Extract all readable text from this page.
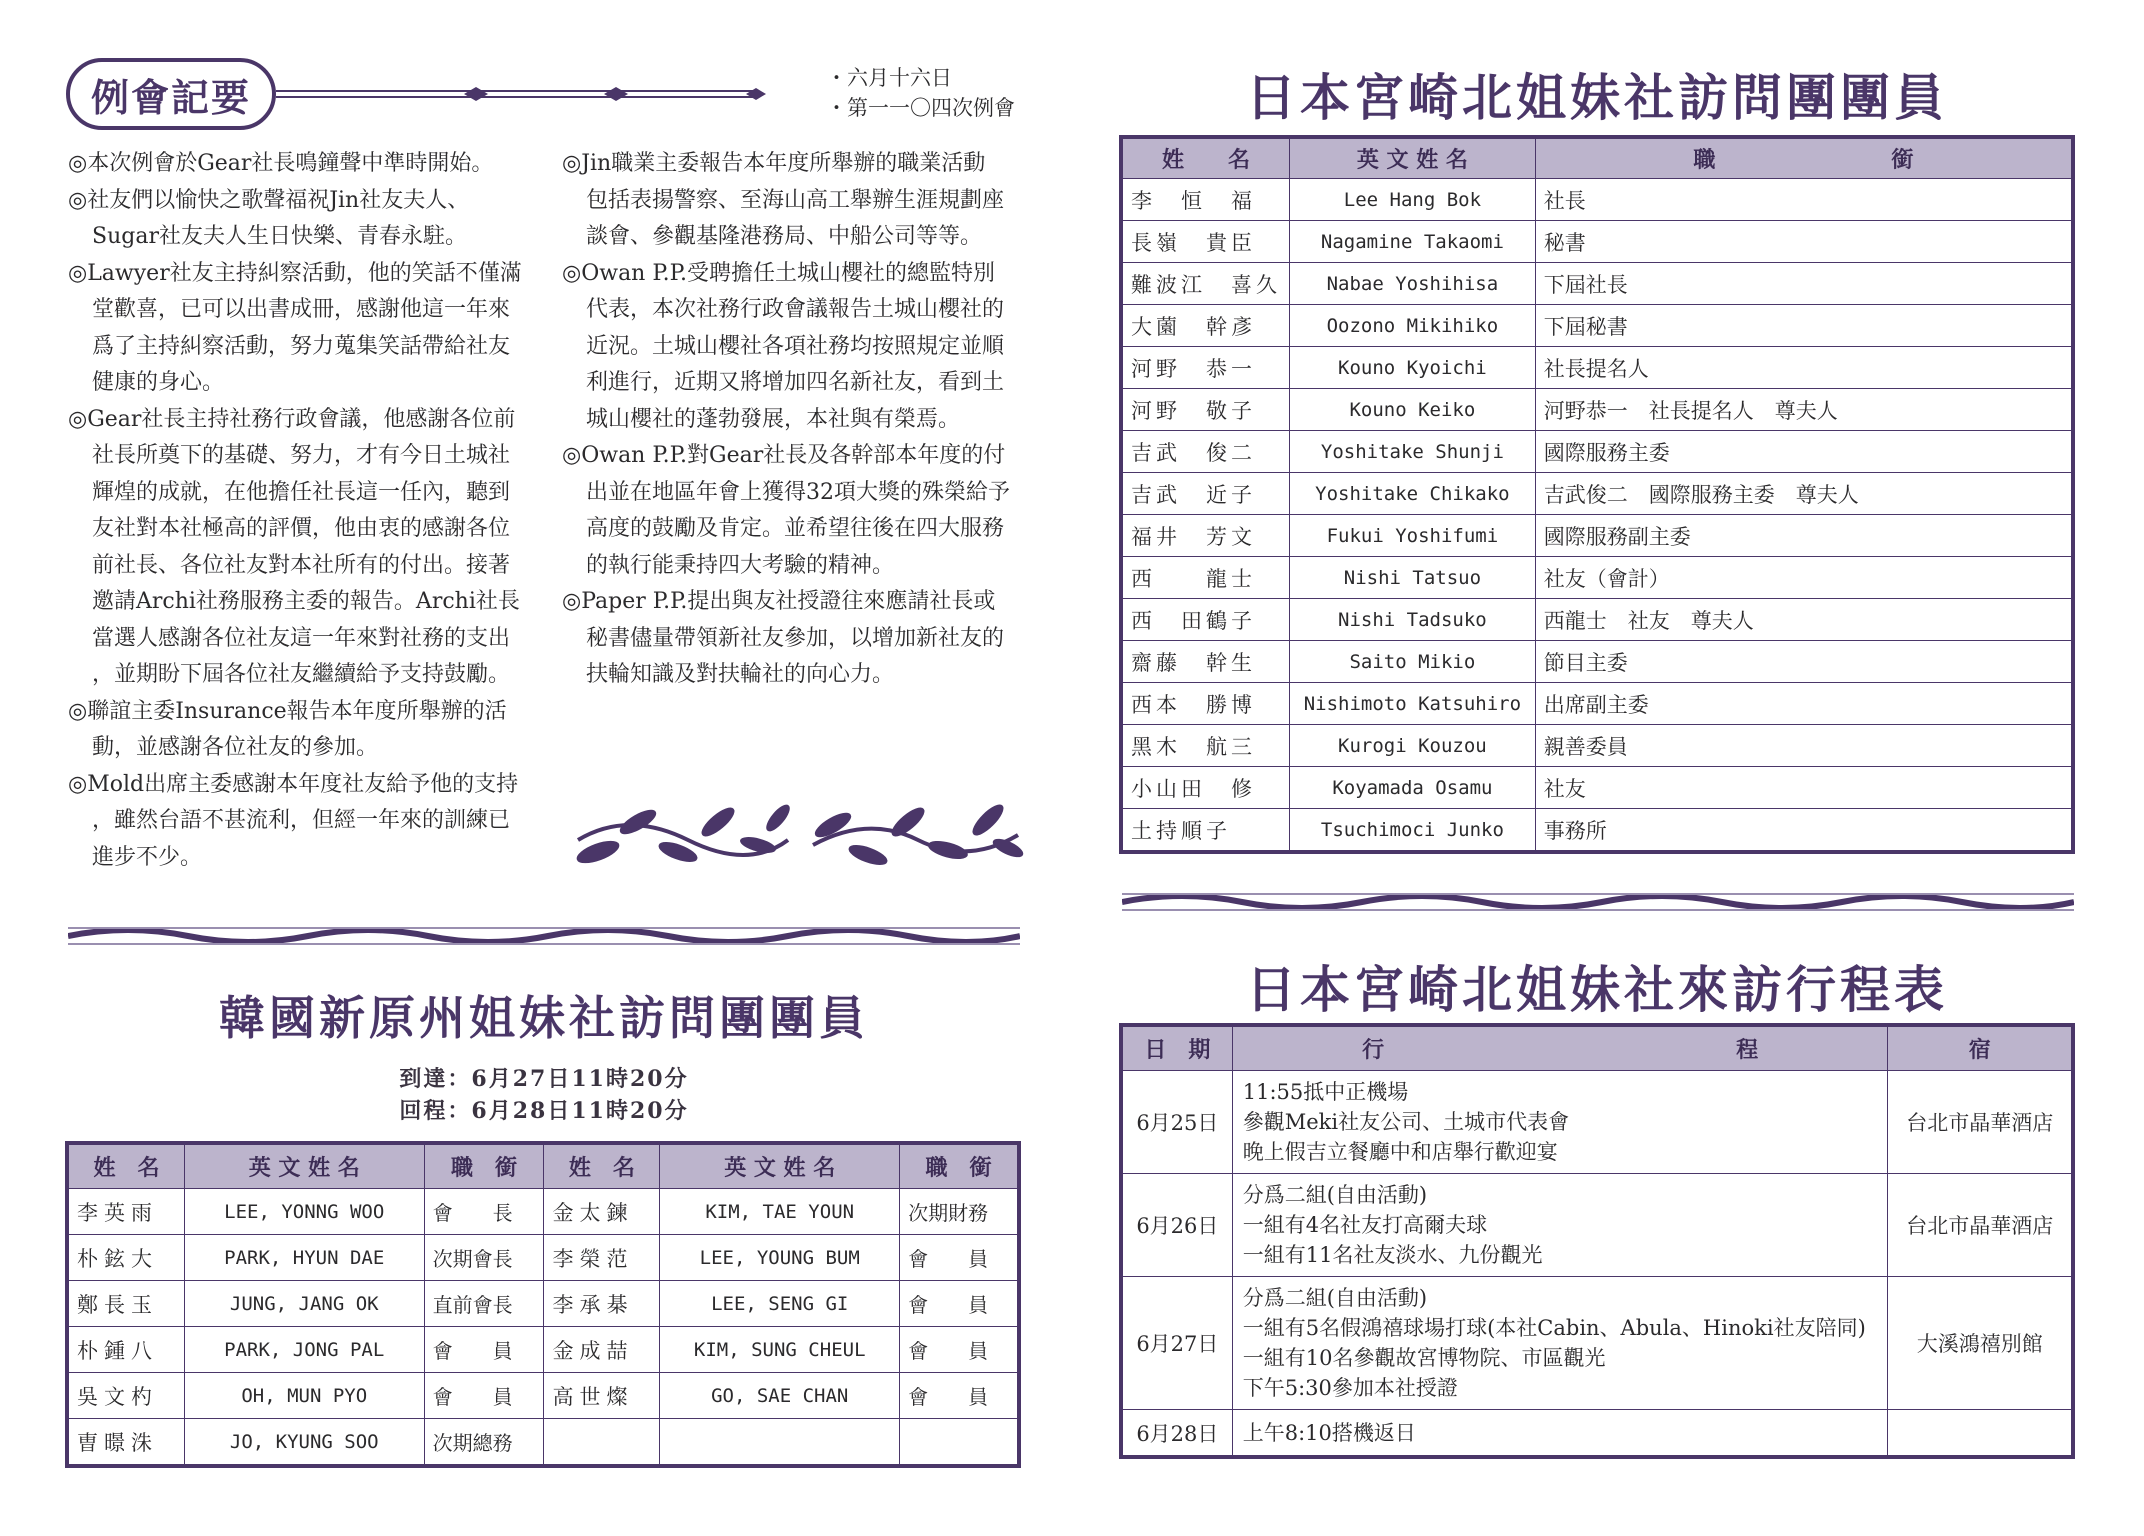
例會記要	・六月十六日
・第一一〇四次例會
◎本次例會於Gear社長鳴鐘聲中準時開始。
◎社友們以愉快之歌聲福祝Jin社友夫人、
Sugar社友夫人生日快樂、青春永駐。
◎Lawyer社友主持糾察活動，他的笑話不僅滿
堂歡喜，已可以出書成冊，感謝他這一年來
爲了主持糾察活動，努力蒐集笑話帶給社友
健康的身心。
◎Gear社長主持社務行政會議，他感謝各位前
社長所奠下的基礎、努力，才有今日土城社
輝煌的成就，在他擔任社長這一任內，聽到
友社對本社極高的評價，他由衷的感謝各位
前社長、各位社友對本社所有的付出。接著
邀請Archi社務服務主委的報告。Archi社長
當選人感謝各位社友這一年來對社務的支出
，並期盼下屆各位社友繼續給予支持鼓勵。
◎聯誼主委Insurance報告本年度所舉辦的活
動，並感謝各位社友的參加。
◎Mold出席主委感謝本年度社友給予他的支持
，雖然台語不甚流利，但經一年來的訓練已
進步不少。
◎Jin職業主委報告本年度所舉辦的職業活動
包括表揚警察、至海山高工舉辦生涯規劃座
談會、參觀基隆港務局、中船公司等等。
◎Owan P.P.受聘擔任土城山櫻社的總監特別
代表，本次社務行政會議報告土城山櫻社的
近況。土城山櫻社各項社務均按照規定並順
利進行，近期又將增加四名新社友，看到土
城山櫻社的蓬勃發展，本社與有榮焉。
◎Owan P.P.對Gear社長及各幹部本年度的付
出並在地區年會上獲得32項大獎的殊榮給予
高度的鼓勵及肯定。並希望往後在四大服務
的執行能秉持四大考驗的精神。
◎Paper P.P.提出與友社授證往來應請社長或
秘書儘量帶領新社友參加，以增加新社友的
扶輪知識及對扶輪社的向心力。
韓國新原州姐妹社訪問團團員
到達：6月27日11時20分
回程：6月28日11時20分
姓　名	英 文 姓 名	職　銜	姓　名	英 文 姓 名	職　銜
李英雨	LEE, YONNG WOO	會　　長	金太鍊	KIM, TAE YOUN	次期財務
朴鉉大	PARK, HYUN DAE	次期會長	李榮范	LEE, YOUNG BUM	會　　員
鄭長玉	JUNG, JANG OK	直前會長	李承棊	LEE, SENG GI	會　　員
朴鍾八	PARK, JONG PAL	會　　員	金成喆	KIM, SUNG CHEUL	會　　員
吳文杓	OH, MUN PYO	會　　員	高世燦	GO, SAE CHAN	會　　員
曺暻洙	JO, KYUNG SOO	次期總務			
日本宮崎北姐妹社訪問團團員
姓　　名	英 文 姓 名	職　　　　　　　　銜
李　恒　福	Lee Hang Bok	社長
長嶺　貴臣	Nagamine Takaomi	秘書
難波江　喜久	Nabae Yoshihisa	下屆社長
大薗　幹彥	Oozono Mikihiko	下屆秘書
河野　恭一	Kouno Kyoichi	社長提名人
河野　敬子	Kouno Keiko	河野恭一　社長提名人　尊夫人
吉武　俊二	Yoshitake Shunji	國際服務主委
吉武　近子	Yoshitake Chikako	吉武俊二　國際服務主委　尊夫人
福井　芳文	Fukui Yoshifumi	國際服務副主委
西　　龍士	Nishi Tatsuo	社友（會計）
西　田鶴子	Nishi Tadsuko	西龍士　社友　尊夫人
齋藤　幹生	Saito Mikio	節目主委
西本　勝博	Nishimoto Katsuhiro	出席副主委
黑木　航三	Kurogi Kouzou	親善委員
小山田　修	Koyamada Osamu	社友
土持順子	Tsuchimoci Junko	事務所
日本宮崎北姐妹社來訪行程表
日　期	行　　　　　　　　　　　　　　　　程	宿
6月25日	11:55抵中正機場
參觀Meki社友公司、土城市代表會
晚上假吉立餐廳中和店舉行歡迎宴	台北市晶華酒店
6月26日	分爲二組(自由活動)
一組有4名社友打高爾夫球
一組有11名社友淡水、九份觀光	台北市晶華酒店
6月27日	分爲二組(自由活動)
一組有5名假鴻禧球場打球(本社Cabin、Abula、Hinoki社友陪同)
一組有10名參觀故宮博物院、市區觀光
下午5:30參加本社授證	大溪鴻禧別館
6月28日	上午8:10搭機返日	
